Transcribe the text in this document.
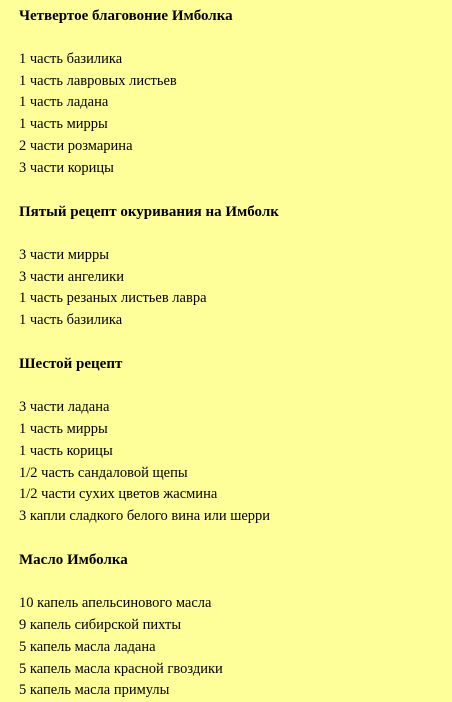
Четвертое благовоние Имболка
1 часть базилика
1 часть лавровых листьев
1 часть ладана
1 часть мирры
2 части розмарина
3 части корицы
Пятый рецепт окуривания на Имболк
3 части мирры
3 части ангелики
1 часть резаных листьев лавра
1 часть базилика
Шестой рецепт
3 части ладана
1 часть мирры
1 часть корицы
1/2 часть сандаловой щепы
1/2 части сухих цветов жасмина
3 капли сладкого белого вина или шерри
Масло Имболка
10 капель апельсинового масла
9 капель сибирской пихты
5 капель масла ладана
5 капель масла красной гвоздики
5 капель масла примулы
